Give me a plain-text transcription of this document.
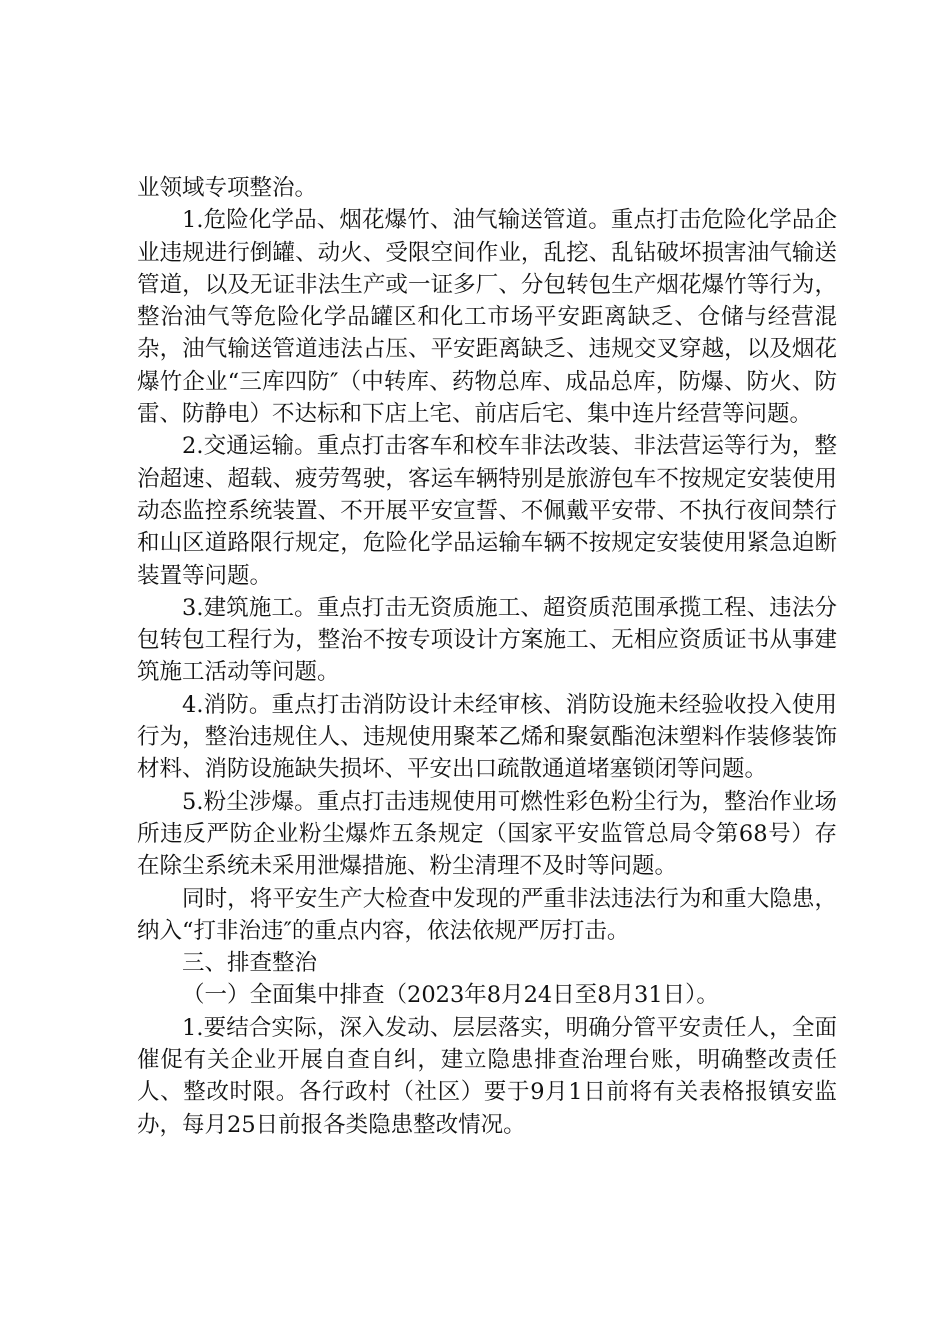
业领域专项整治。

1.危险化学品、烟花爆竹、油气输送管道。重点打击危险化学品企业违规进行倒罐、动火、受限空间作业，乱挖、乱钻破坏损害油气输送管道，以及无证非法生产或一证多厂、分包转包生产烟花爆竹等行为，整治油气等危险化学品罐区和化工市场平安距离缺乏、仓储与经营混杂，油气输送管道违法占压、平安距离缺乏、违规交叉穿越，以及烟花爆竹企业“三库四防″（中转库、药物总库、成品总库，防爆、防火、防雷、防静电）不达标和下店上宅、前店后宅、集中连片经营等问题。

2.交通运输。重点打击客车和校车非法改装、非法营运等行为，整治超速、超载、疲劳驾驶，客运车辆特别是旅游包车不按规定安装使用动态监控系统装置、不开展平安宣誓、不佩戴平安带、不执行夜间禁行和山区道路限行规定，危险化学品运输车辆不按规定安装使用紧急迫断装置等问题。

3.建筑施工。重点打击无资质施工、超资质范围承揽工程、违法分包转包工程行为，整治不按专项设计方案施工、无相应资质证书从事建筑施工活动等问题。

4.消防。重点打击消防设计未经审核、消防设施未经验收投入使用行为，整治违规住人、违规使用聚苯乙烯和聚氨酯泡沫塑料作装修装饰材料、消防设施缺失损坏、平安出口疏散通道堵塞锁闭等问题。

5.粉尘涉爆。重点打击违规使用可燃性彩色粉尘行为，整治作业场所违反严防企业粉尘爆炸五条规定（国家平安监管总局令第68号）存在除尘系统未采用泄爆措施、粉尘清理不及时等问题。

同时，将平安生产大检查中发现的严重非法违法行为和重大隐患，纳入“打非治违″的重点内容，依法依规严厉打击。

三、排查整治

（一）全面集中排查（2023年8月24日至8月31日）。

1.要结合实际，深入发动、层层落实，明确分管平安责任人，全面催促有关企业开展自查自纠，建立隐患排查治理台账，明确整改责任人、整改时限。各行政村（社区）要于9月1日前将有关表格报镇安监办，每月25日前报各类隐患整改情况。
